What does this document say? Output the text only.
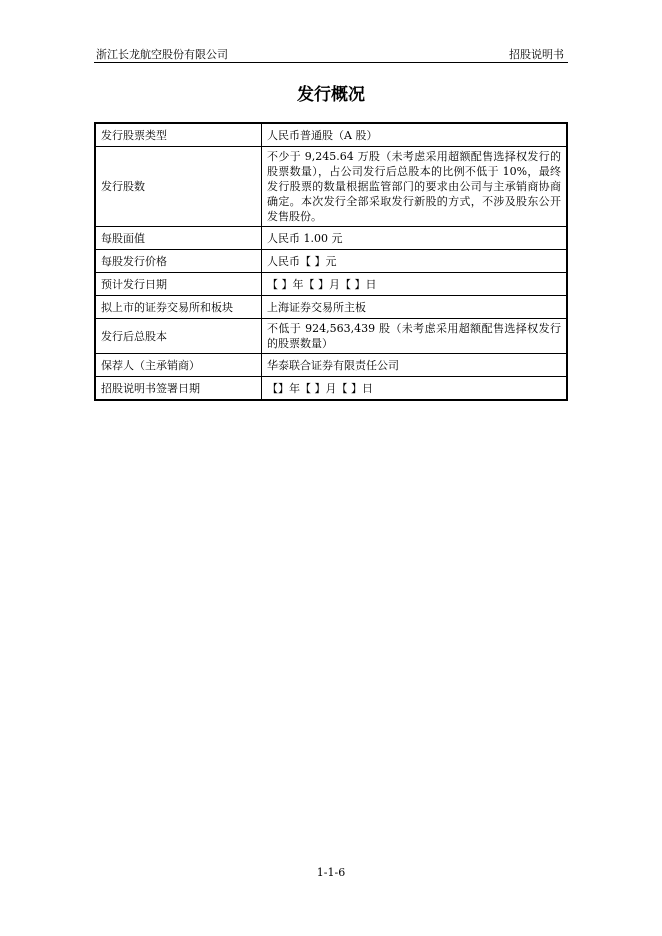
浙江长龙航空股份有限公司	招股说明书
发行概况
发行股票类型	人民币普通股（A 股）
发行股数	不少于 9,245.64 万股（未考虑采用超额配售选择权发行的股票数量），占公司发行后总股本的比例不低于 10%，最终发行股票的数量根据监管部门的要求由公司与主承销商协商确定。本次发行全部采取发行新股的方式，不涉及股东公开发售股份。
每股面值	人民币 1.00 元
每股发行价格	人民币【 】元
预计发行日期	【 】年【 】月【 】日
拟上市的证券交易所和板块	上海证券交易所主板
发行后总股本	不低于 924,563,439 股（未考虑采用超额配售选择权发行的股票数量）
保荐人（主承销商）	华泰联合证券有限责任公司
招股说明书签署日期	【】年【 】月【 】日
1-1-6
